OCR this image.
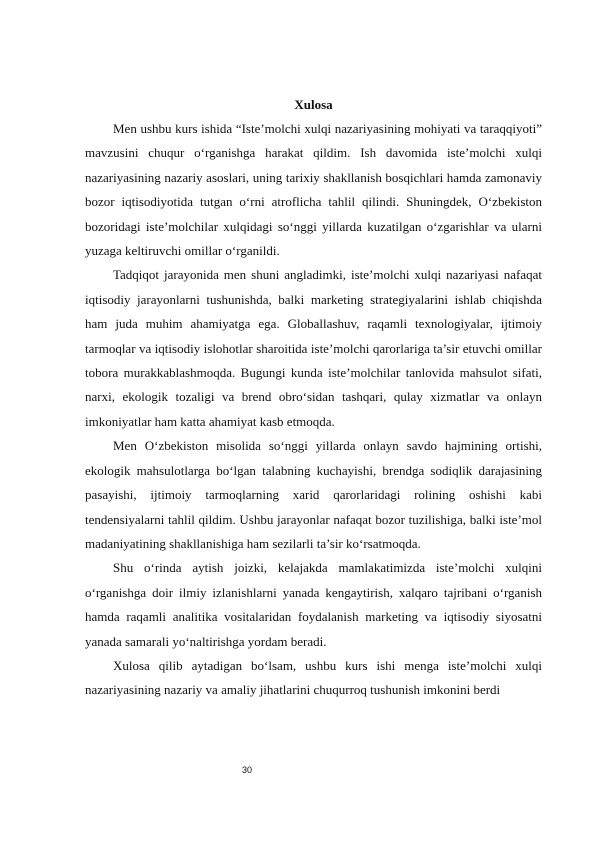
Xulosa

Men ushbu kurs ishida “Iste’molchi xulqi nazariyasining mohiyati va taraqqiyoti” mavzusini chuqur o‘rganishga harakat qildim. Ish davomida iste’molchi xulqi nazariyasining nazariy asoslari, uning tarixiy shakllanish bosqichlari hamda zamonaviy bozor iqtisodiyotida tutgan o‘rni atroflicha tahlil qilindi. Shuningdek, O‘zbekiston bozoridagi iste’molchilar xulqidagi so‘nggi yillarda kuzatilgan o‘zgarishlar va ularni yuzaga keltiruvchi omillar o‘rganildi.

Tadqiqot jarayonida men shuni angladimki, iste’molchi xulqi nazariyasi nafaqat iqtisodiy jarayonlarni tushunishda, balki marketing strategiyalarini ishlab chiqishda ham juda muhim ahamiyatga ega. Globallashuv, raqamli texnologiyalar, ijtimoiy tarmoqlar va iqtisodiy islohotlar sharoitida iste’molchi qarorlariga ta’sir etuvchi omillar tobora murakkablashmoqda. Bugungi kunda iste’molchilar tanlovida mahsulot sifati, narxi, ekologik tozaligi va brend obro‘sidan tashqari, qulay xizmatlar va onlayn imkoniyatlar ham katta ahamiyat kasb etmoqda.

Men O‘zbekiston misolida so‘nggi yillarda onlayn savdo hajmining ortishi, ekologik mahsulotlarga bo‘lgan talabning kuchayishi, brendga sodiqlik darajasining pasayishi, ijtimoiy tarmoqlarning xarid qarorlaridagi rolining oshishi kabi tendensiyalarni tahlil qildim. Ushbu jarayonlar nafaqat bozor tuzilishiga, balki iste’mol madaniyatining shakllanishiga ham sezilarli ta’sir ko‘rsatmoqda.

Shu o‘rinda aytish joizki, kelajakda mamlakatimizda iste’molchi xulqini o‘rganishga doir ilmiy izlanishlarni yanada kengaytirish, xalqaro tajribani o‘rganish hamda raqamli analitika vositalaridan foydalanish marketing va iqtisodiy siyosatni yanada samarali yo‘naltirishga yordam beradi.

Xulosa qilib aytadigan bo‘lsam, ushbu kurs ishi menga iste’molchi xulqi nazariyasining nazariy va amaliy jihatlarini chuqurroq tushunish imkonini berdi

30
